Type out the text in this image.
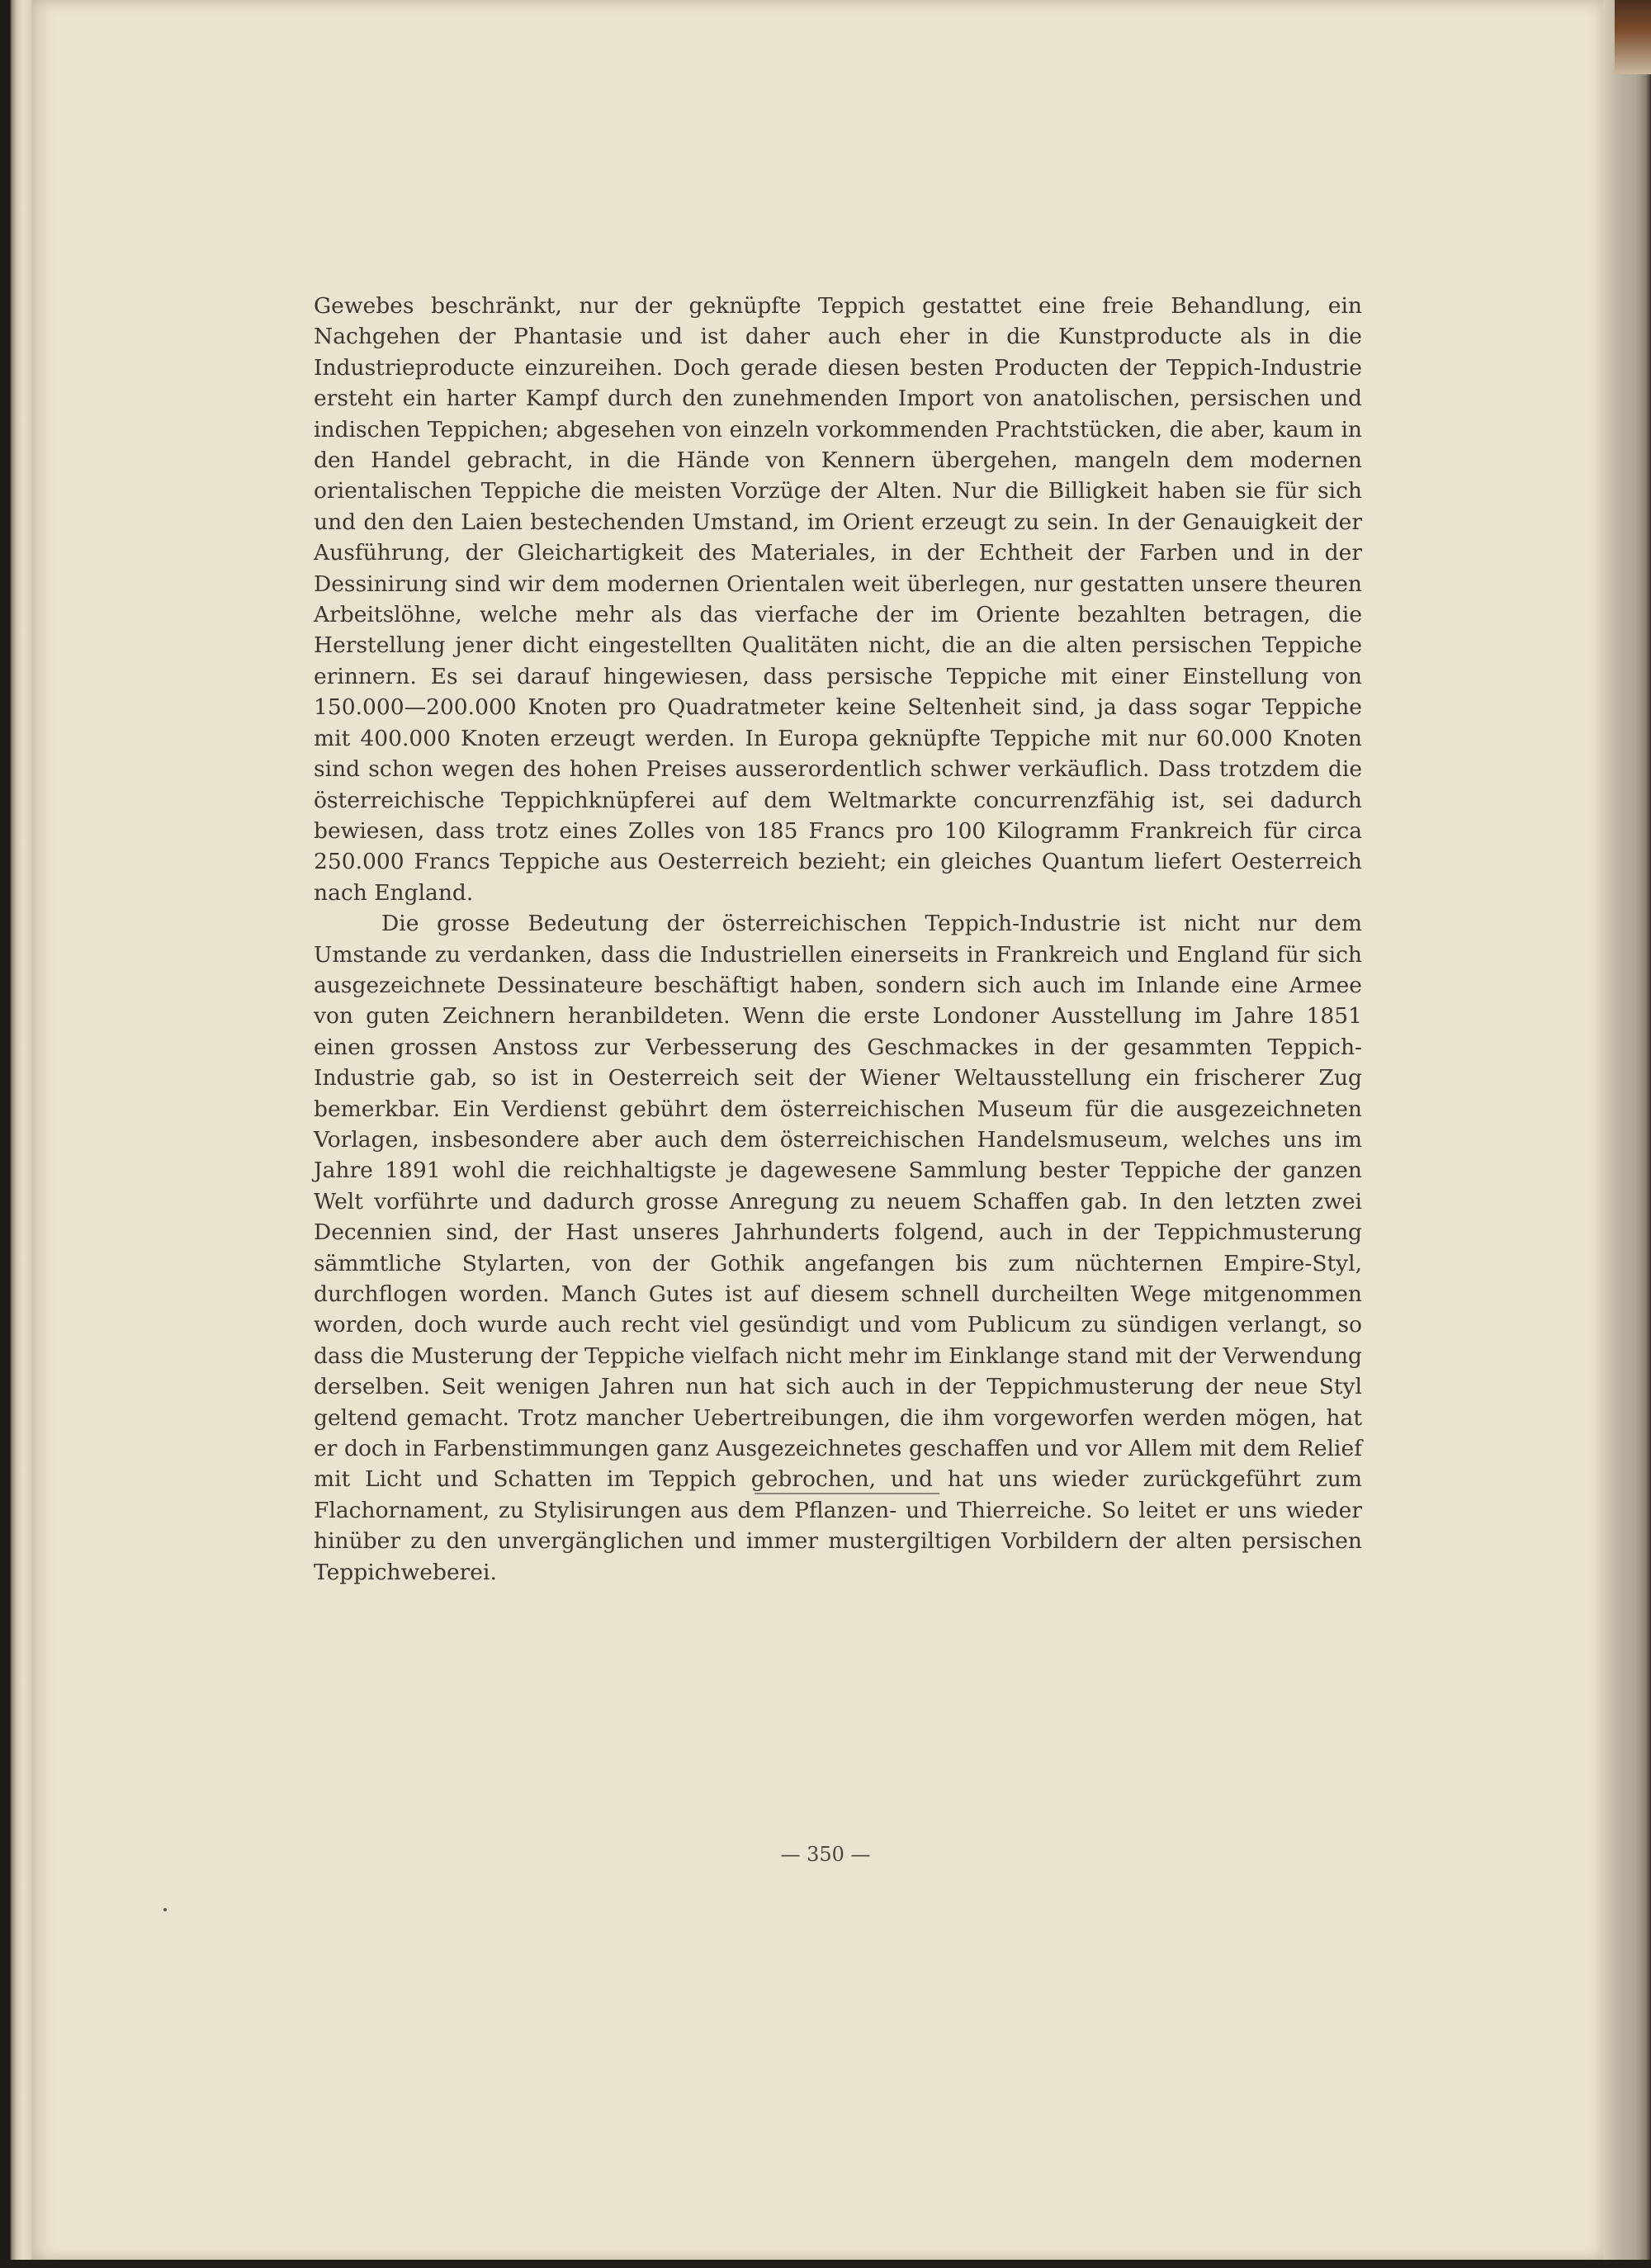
Gewebes beschränkt, nur der geknüpfte Teppich gestattet eine freie Behandlung, ein Nachgehen der Phantasie und ist daher auch eher in die Kunstproducte als in die Industrieproducte einzureihen. Doch gerade diesen besten Producten der Teppich-Industrie ersteht ein harter Kampf durch den zunehmenden Import von anatolischen, persischen und indischen Teppichen; abgesehen von einzeln vorkommenden Prachtstücken, die aber, kaum in den Handel gebracht, in die Hände von Kennern übergehen, mangeln dem modernen orientalischen Teppiche die meisten Vorzüge der Alten. Nur die Billigkeit haben sie für sich und den den Laien bestechenden Umstand, im Orient erzeugt zu sein. In der Genauigkeit der Ausführung, der Gleichartigkeit des Materiales, in der Echtheit der Farben und in der Dessinirung sind wir dem modernen Orientalen weit überlegen, nur gestatten unsere theuren Arbeitslöhne, welche mehr als das vierfache der im Oriente bezahlten betragen, die Herstellung jener dicht eingestellten Qualitäten nicht, die an die alten persischen Teppiche erinnern. Es sei darauf hingewiesen, dass persische Teppiche mit einer Einstellung von 150.000—200.000 Knoten pro Quadratmeter keine Seltenheit sind, ja dass sogar Teppiche mit 400.000 Knoten erzeugt werden. In Europa geknüpfte Teppiche mit nur 60.000 Knoten sind schon wegen des hohen Preises ausserordentlich schwer verkäuflich. Dass trotzdem die österreichische Teppichknüpferei auf dem Weltmarkte concurrenzfähig ist, sei dadurch bewiesen, dass trotz eines Zolles von 185 Francs pro 100 Kilogramm Frankreich für circa 250.000 Francs Teppiche aus Oesterreich bezieht; ein gleiches Quantum liefert Oesterreich nach England.

Die grosse Bedeutung der österreichischen Teppich-Industrie ist nicht nur dem Umstande zu verdanken, dass die Industriellen einerseits in Frankreich und England für sich ausgezeichnete Dessinateure beschäftigt haben, sondern sich auch im Inlande eine Armee von guten Zeichnern heranbildeten. Wenn die erste Londoner Ausstellung im Jahre 1851 einen grossen Anstoss zur Verbesserung des Geschmackes in der gesammten Teppich-Industrie gab, so ist in Oesterreich seit der Wiener Weltausstellung ein frischerer Zug bemerkbar. Ein Verdienst gebührt dem österreichischen Museum für die ausgezeichneten Vorlagen, insbesondere aber auch dem österreichischen Handelsmuseum, welches uns im Jahre 1891 wohl die reichhaltigste je dagewesene Sammlung bester Teppiche der ganzen Welt vorführte und dadurch grosse Anregung zu neuem Schaffen gab. In den letzten zwei Decennien sind, der Hast unseres Jahrhunderts folgend, auch in der Teppichmusterung sämmtliche Stylarten, von der Gothik angefangen bis zum nüchternen Empire-Styl, durchflogen worden. Manch Gutes ist auf diesem schnell durcheilten Wege mitgenommen worden, doch wurde auch recht viel gesündigt und vom Publicum zu sündigen verlangt, so dass die Musterung der Teppiche vielfach nicht mehr im Einklange stand mit der Verwendung derselben. Seit wenigen Jahren nun hat sich auch in der Teppichmusterung der neue Styl geltend gemacht. Trotz mancher Uebertreibungen, die ihm vorgeworfen werden mögen, hat er doch in Farbenstimmungen ganz Ausgezeichnetes geschaffen und vor Allem mit dem Relief mit Licht und Schatten im Teppich gebrochen, und hat uns wieder zurückgeführt zum Flachornament, zu Stylisirungen aus dem Pflanzen- und Thierreiche. So leitet er uns wieder hinüber zu den unvergänglichen und immer mustergiltigen Vorbildern der alten persischen Teppichweberei.

— 350 —
